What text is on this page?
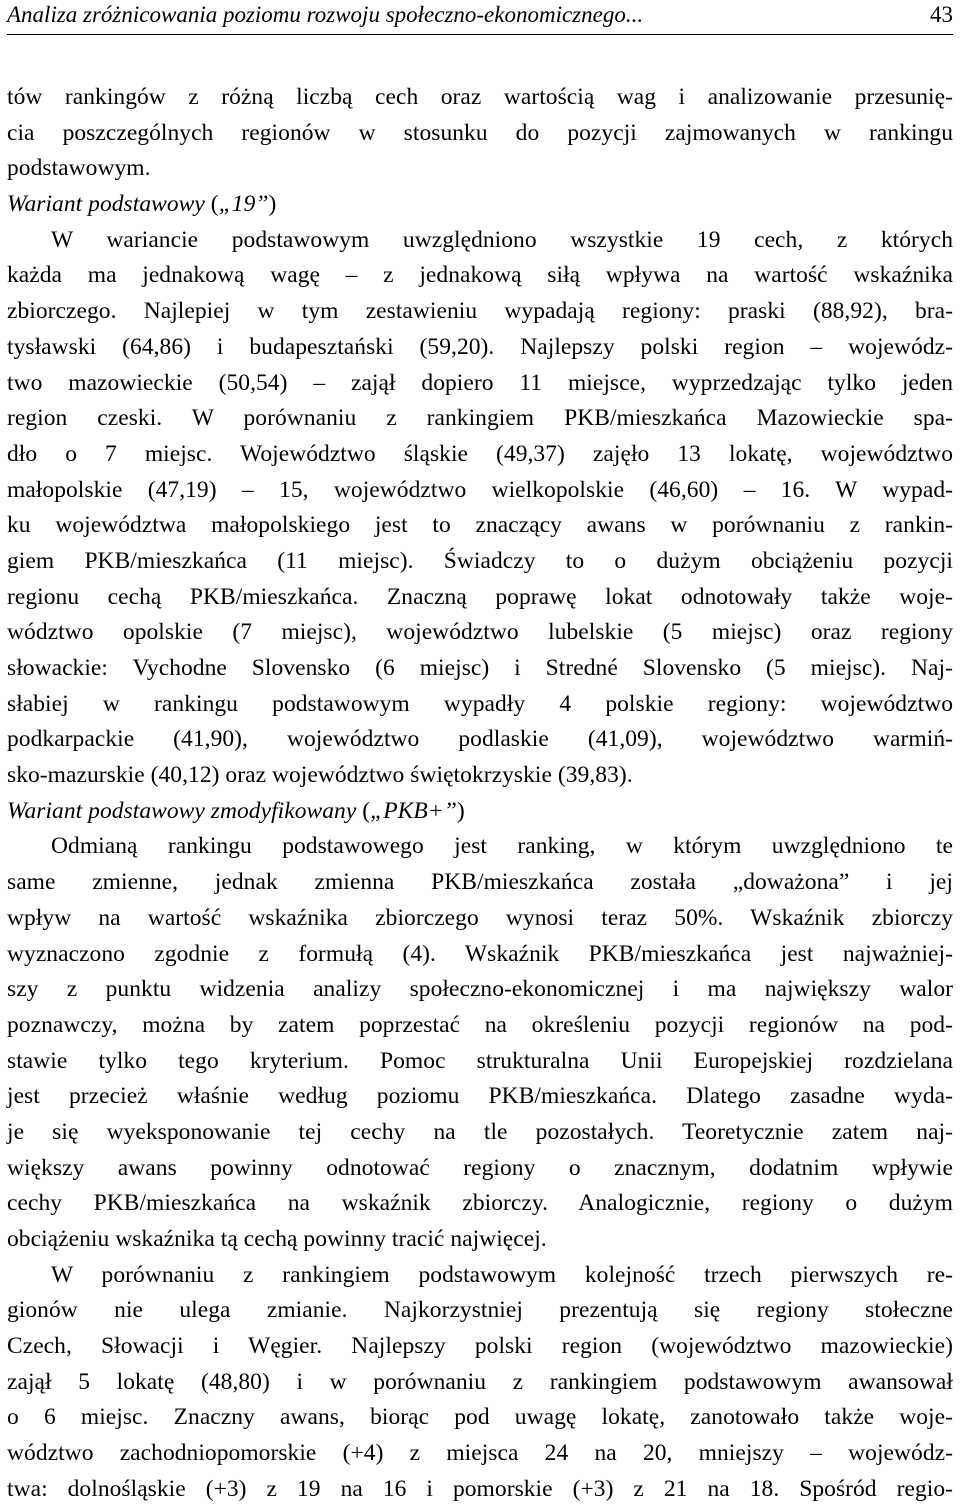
Analiza zróżnicowania poziomu rozwoju społeczno-ekonomicznego...	43
tów rankingów z różną liczbą cech oraz wartością wag i analizowanie przesunię-
cia poszczególnych regionów w stosunku do pozycji zajmowanych w rankingu
podstawowym.
Wariant podstawowy („19”)
W wariancie podstawowym uwzględniono wszystkie 19 cech, z których
każda ma jednakową wagę – z jednakową siłą wpływa na wartość wskaźnika
zbiorczego. Najlepiej w tym zestawieniu wypadają regiony: praski (88,92), bra-
tysławski (64,86) i budapesztański (59,20). Najlepszy polski region – wojewódz-
two mazowieckie (50,54) – zajął dopiero 11 miejsce, wyprzedzając tylko jeden
region czeski. W porównaniu z rankingiem PKB/mieszkańca Mazowieckie spa-
dło o 7 miejsc. Województwo śląskie (49,37) zajęło 13 lokatę, województwo
małopolskie (47,19) – 15, województwo wielkopolskie (46,60) – 16. W wypad-
ku województwa małopolskiego jest to znaczący awans w porównaniu z rankin-
giem PKB/mieszkańca (11 miejsc). Świadczy to o dużym obciążeniu pozycji
regionu cechą PKB/mieszkańca. Znaczną poprawę lokat odnotowały także woje-
wództwo opolskie (7 miejsc), województwo lubelskie (5 miejsc) oraz regiony
słowackie: Vychodne Slovensko (6 miejsc) i Stredné Slovensko (5 miejsc). Naj-
słabiej w rankingu podstawowym wypadły 4 polskie regiony: województwo
podkarpackie (41,90), województwo podlaskie (41,09), województwo warmiń-
sko-mazurskie (40,12) oraz województwo świętokrzyskie (39,83).
Wariant podstawowy zmodyfikowany („PKB+”)
Odmianą rankingu podstawowego jest ranking, w którym uwzględniono te
same zmienne, jednak zmienna PKB/mieszkańca została „doważona” i jej
wpływ na wartość wskaźnika zbiorczego wynosi teraz 50%. Wskaźnik zbiorczy
wyznaczono zgodnie z formułą (4). Wskaźnik PKB/mieszkańca jest najważniej-
szy z punktu widzenia analizy społeczno-ekonomicznej i ma największy walor
poznawczy, można by zatem poprzestać na określeniu pozycji regionów na pod-
stawie tylko tego kryterium. Pomoc strukturalna Unii Europejskiej rozdzielana
jest przecież właśnie według poziomu PKB/mieszkańca. Dlatego zasadne wyda-
je się wyeksponowanie tej cechy na tle pozostałych. Teoretycznie zatem naj-
większy awans powinny odnotować regiony o znacznym, dodatnim wpływie
cechy PKB/mieszkańca na wskaźnik zbiorczy. Analogicznie, regiony o dużym
obciążeniu wskaźnika tą cechą powinny tracić najwięcej.
W porównaniu z rankingiem podstawowym kolejność trzech pierwszych re-
gionów nie ulega zmianie. Najkorzystniej prezentują się regiony stołeczne
Czech, Słowacji i Węgier. Najlepszy polski region (województwo mazowieckie)
zajął 5 lokatę (48,80) i w porównaniu z rankingiem podstawowym awansował
o 6 miejsc. Znaczny awans, biorąc pod uwagę lokatę, zanotowało także woje-
wództwo zachodniopomorskie (+4) z miejsca 24 na 20, mniejszy – wojewódz-
twa: dolnośląskie (+3) z 19 na 16 i pomorskie (+3) z 21 na 18. Spośród regio-
